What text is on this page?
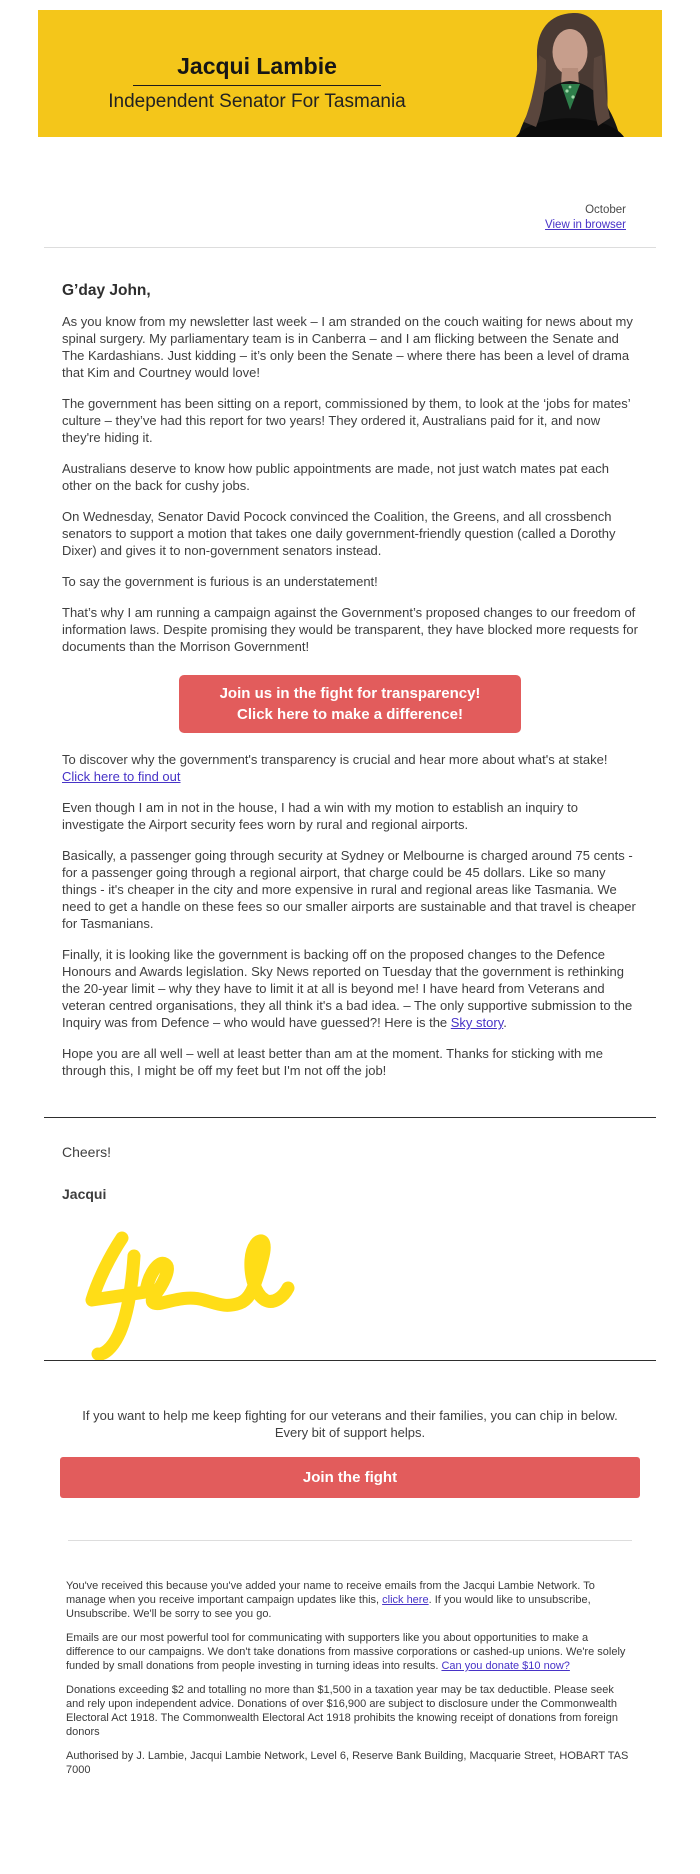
Jacqui Lambie
Independent Senator For Tasmania
October
View in browser
G’day John,

As you know from my newsletter last week – I am stranded on the couch waiting for news about my spinal surgery. My parliamentary team is in Canberra – and I am flicking between the Senate and The Kardashians. Just kidding – it’s only been the Senate – where there has been a level of drama that Kim and Courtney would love!

The government has been sitting on a report, commissioned by them, to look at the ‘jobs for mates’ culture – they’ve had this report for two years! They ordered it, Australians paid for it, and now they're hiding it.

Australians deserve to know how public appointments are made, not just watch mates pat each other on the back for cushy jobs.

On Wednesday, Senator David Pocock convinced the Coalition, the Greens, and all crossbench senators to support a motion that takes one daily government-friendly question (called a Dorothy Dixer) and gives it to non-government senators instead.

To say the government is furious is an understatement!

That’s why I am running a campaign against the Government’s proposed changes to our freedom of information laws. Despite promising they would be transparent, they have blocked more requests for documents than the Morrison Government!

Join us in the fight for transparency!
Click here to make a difference!

To discover why the government's transparency is crucial and hear more about what's at stake! Click here to find out

Even though I am in not in the house, I had a win with my motion to establish an inquiry to investigate the Airport security fees worn by rural and regional airports.

Basically, a passenger going through security at Sydney or Melbourne is charged around 75 cents - for a passenger going through a regional airport, that charge could be 45 dollars. Like so many things - it's cheaper in the city and more expensive in rural and regional areas like Tasmania. We need to get a handle on these fees so our smaller airports are sustainable and that travel is cheaper for Tasmanians.

Finally, it is looking like the government is backing off on the proposed changes to the Defence Honours and Awards legislation. Sky News reported on Tuesday that the government is rethinking the 20-year limit – why they have to limit it at all is beyond me! I have heard from Veterans and veteran centred organisations, they all think it's a bad idea. – The only supportive submission to the Inquiry was from Defence – who would have guessed?! Here is the Sky story.

Hope you are all well – well at least better than am at the moment. Thanks for sticking with me through this, I might be off my feet but I'm not off the job!

Cheers!
Jacqui
If you want to help me keep fighting for our veterans and their families, you can chip in below. Every bit of support helps.
Join the fight

You've received this because you've added your name to receive emails from the Jacqui Lambie Network. To manage when you receive important campaign updates like this, click here. If you would like to unsubscribe, Unsubscribe. We'll be sorry to see you go.

Emails are our most powerful tool for communicating with supporters like you about opportunities to make a difference to our campaigns. We don't take donations from massive corporations or cashed-up unions. We're solely funded by small donations from people investing in turning ideas into results. Can you donate $10 now?

Donations exceeding $2 and totalling no more than $1,500 in a taxation year may be tax deductible. Please seek and rely upon independent advice. Donations of over $16,900 are subject to disclosure under the Commonwealth Electoral Act 1918. The Commonwealth Electoral Act 1918 prohibits the knowing receipt of donations from foreign donors

Authorised by J. Lambie, Jacqui Lambie Network, Level 6, Reserve Bank Building, Macquarie Street, HOBART TAS 7000
